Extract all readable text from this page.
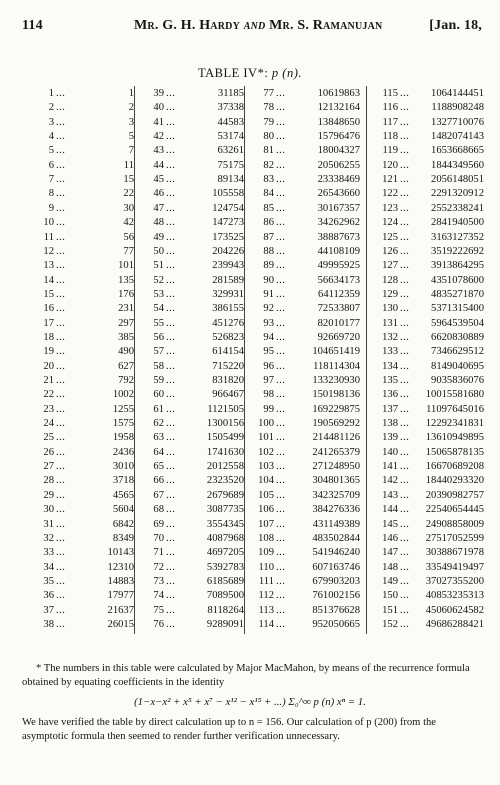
114	Mr. G. H. Hardy and Mr. S. Ramanujan	[Jan. 18,
TABLE IV*: p (n).
1 ...	1
2 ...	2
3 ...	3
4 ...	5
5 ...	7
6 ...	11
7 ...	15
8 ...	22
9 ...	30
10 ...	42
11 ...	56
12 ...	77
13 ...	101
14 ...	135
15 ...	176
16 ...	231
17 ...	297
18 ...	385
19 ...	490
20 ...	627
21 ...	792
22 ...	1002
23 ...	1255
24 ...	1575
25 ...	1958
26 ...	2436
27 ...	3010
28 ...	3718
29 ...	4565
30 ...	5604
31 ...	6842
32 ...	8349
33 ...	10143
34 ...	12310
35 ...	14883
36 ...	17977
37 ...	21637
38 ...	26015
39 ...	31185
40 ...	37338
41 ...	44583
42 ...	53174
43 ...	63261
44 ...	75175
45 ...	89134
46 ...	105558
47 ...	124754
48 ...	147273
49 ...	173525
50 ...	204226
51 ...	239943
52 ...	281589
53 ...	329931
54 ...	386155
55 ...	451276
56 ...	526823
57 ...	614154
58 ...	715220
59 ...	831820
60 ...	966467
61 ...	1121505
62 ...	1300156
63 ...	1505499
64 ...	1741630
65 ...	2012558
66 ...	2323520
67 ...	2679689
68 ...	3087735
69 ...	3554345
70 ...	4087968
71 ...	4697205
72 ...	5392783
73 ...	6185689
74 ...	7089500
75 ...	8118264
76 ...	9289091
77 ...	10619863
78 ...	12132164
79 ...	13848650
80 ...	15796476
81 ...	18004327
82 ...	20506255
83 ...	23338469
84 ...	26543660
85 ...	30167357
86 ...	34262962
87 ...	38887673
88 ...	44108109
89 ...	49995925
90 ...	56634173
91 ...	64112359
92 ...	72533807
93 ...	82010177
94 ...	92669720
95 ...	104651419
96 ...	118114304
97 ...	133230930
98 ...	150198136
99 ...	169229875
100 ...	190569292
101 ...	214481126
102 ...	241265379
103 ...	271248950
104 ...	304801365
105 ...	342325709
106 ...	384276336
107 ...	431149389
108 ...	483502844
109 ...	541946240
110 ...	607163746
111 ...	679903203
112 ...	761002156
113 ...	851376628
114 ...	952050665
115 ... 1064144451
116 ... 1188908248
117 ... 1327710076
118 ... 1482074143
119 ... 1653668665
120 ... 1844349560
121 ... 2056148051
122 ... 2291320912
123 ... 2552338241
124 ... 2841940500
125 ... 3163127352
126 ... 3519222692
127 ... 3913864295
128 ... 4351078600
129 ... 4835271870
130 ... 5371315400
131 ... 5964539504
132 ... 6620830889
133 ... 7346629512
134 ... 8149040695
135 ... 9035836076
136 ... 10015581680
137 ... 11097645016
138 ... 12292341831
139 ... 13610949895
140 ... 15065878135
141 ... 16670689208
142 ... 18440293320
143 ... 20390982757
144 ... 22540654445
145 ... 24908858009
146 ... 27517052599
147 ... 30388671978
148 ... 33549419497
149 ... 37027355200
150 ... 40853235313
151 ... 45060624582
152 ... 49686288421
* The numbers in this table were calculated by Major MacMahon, by means of the recurrence formula obtained by equating coefficients in the identity
(1−x−x² + x⁵ + x⁷ − x¹² − x¹⁵ + ...) Σ₀^∞ p (n) xⁿ = 1.
We have verified the table by direct calculation up to n = 156. Our calculation of p (200) from the asymptotic formula then seemed to render further verification unnecessary.
